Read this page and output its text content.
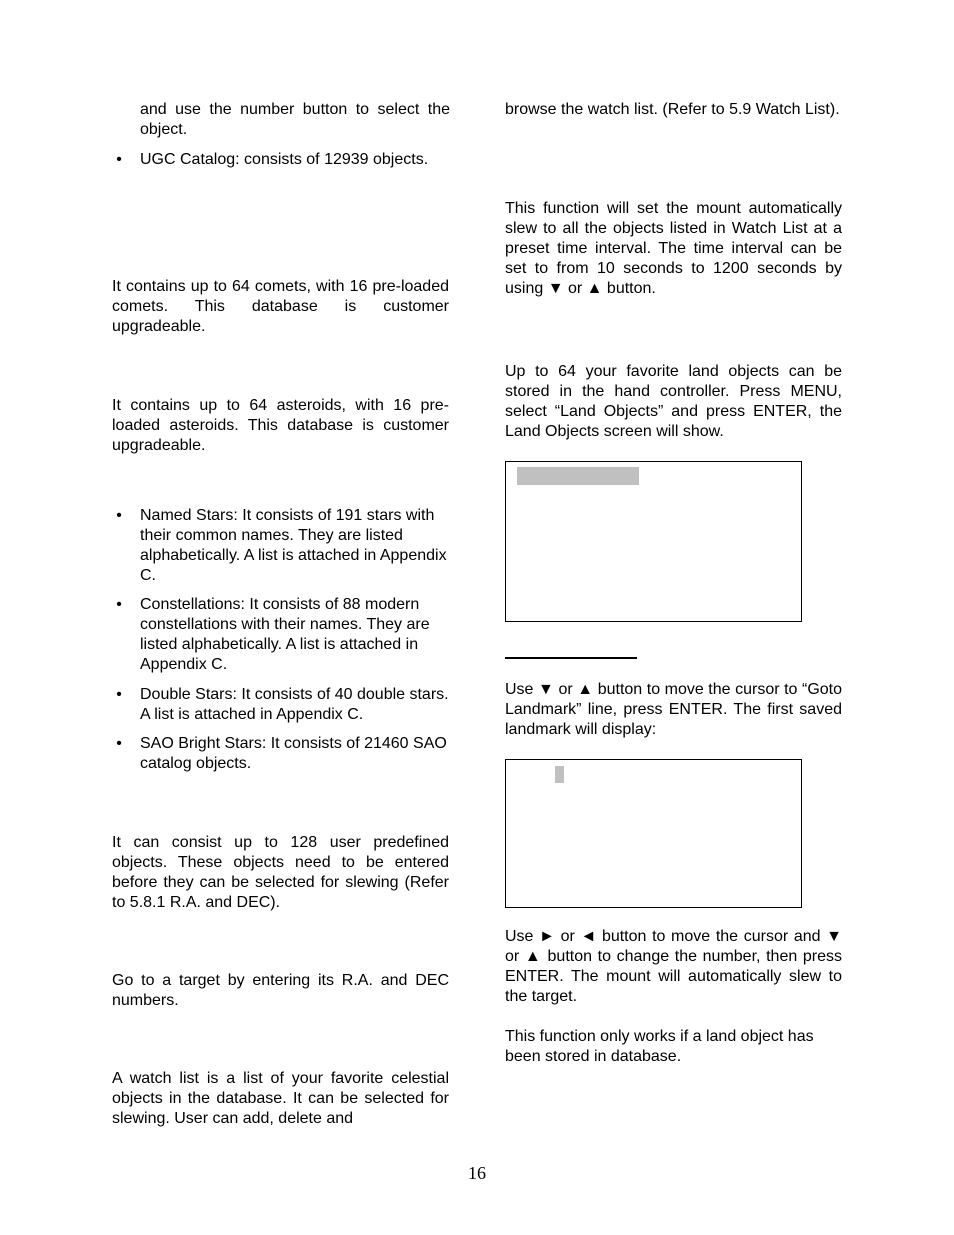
and use the number button to select the object.

• UGC Catalog: consists of 12939 objects.

It contains up to 64 comets, with 16 pre-loaded comets. This database is customer upgradeable.

It contains up to 64 asteroids, with 16 pre-loaded asteroids. This database is customer upgradeable.

• Named Stars: It consists of 191 stars with their common names. They are listed alphabetically. A list is attached in Appendix C.
• Constellations: It consists of 88 modern constellations with their names. They are listed alphabetically. A list is attached in Appendix C.
• Double Stars: It consists of 40 double stars. A list is attached in Appendix C.
• SAO Bright Stars: It consists of 21460 SAO catalog objects.

It can consist up to 128 user predefined objects. These objects need to be entered before they can be selected for slewing (Refer to 5.8.1 R.A. and DEC).

Go to a target by entering its R.A. and DEC numbers.

A watch list is a list of your favorite celestial objects in the database. It can be selected for slewing. User can add, delete and

browse the watch list. (Refer to 5.9 Watch List).

This function will set the mount automatically slew to all the objects listed in Watch List at a preset time interval. The time interval can be set to from 10 seconds to 1200 seconds by using ▼ or ▲ button.

Up to 64 your favorite land objects can be stored in the hand controller. Press MENU, select “Land Objects” and press ENTER, the Land Objects screen will show.

Use ▼ or ▲ button to move the cursor to “Goto Landmark” line, press ENTER. The first saved landmark will display:

Use ► or ◄ button to move the cursor and ▼ or ▲ button to change the number, then press ENTER. The mount will automatically slew to the target.

This function only works if a land object has been stored in database.

16
